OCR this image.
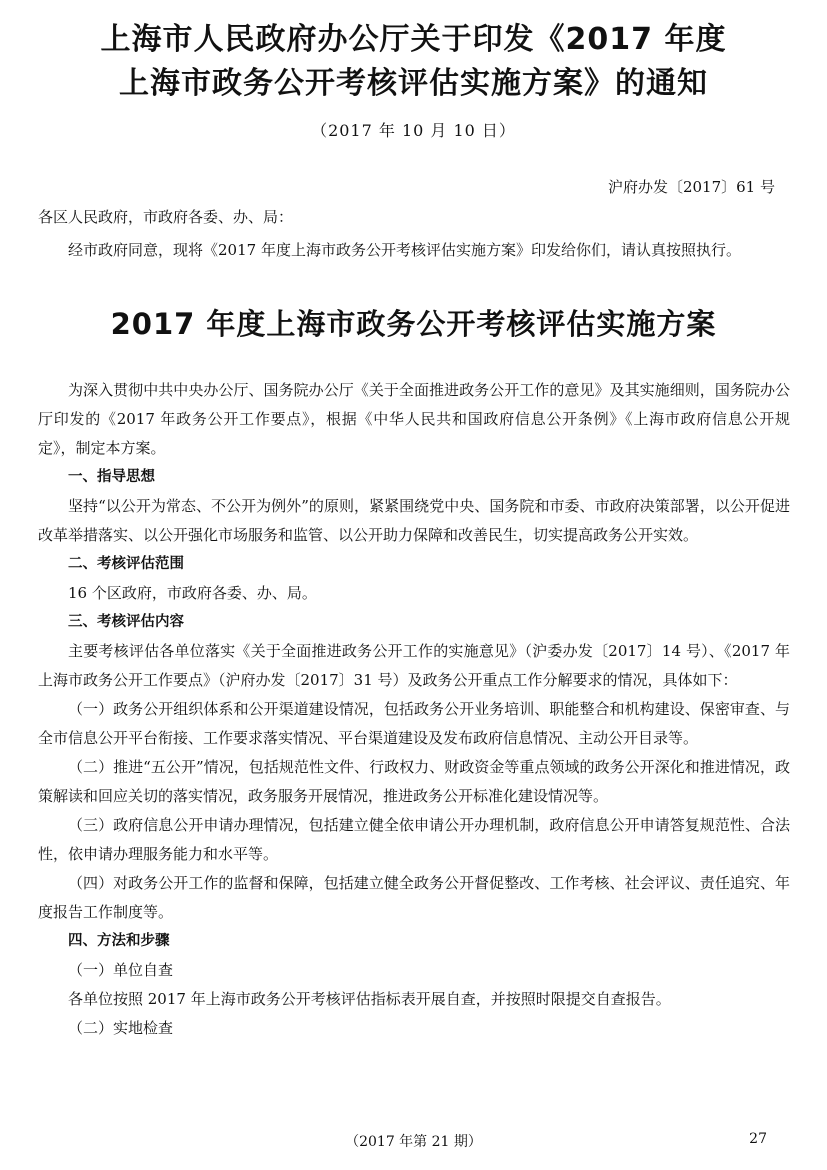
上海市人民政府办公厅关于印发《2017 年度
上海市政务公开考核评估实施方案》的通知
（2017 年 10 月 10 日）
沪府办发〔2017〕61 号
各区人民政府，市政府各委、办、局：
经市政府同意，现将《2017 年度上海市政务公开考核评估实施方案》印发给你们，请认真按照执行。
2017 年度上海市政务公开考核评估实施方案

为深入贯彻中共中央办公厅、国务院办公厅《关于全面推进政务公开工作的意见》及其实施细则，国务院办公厅印发的《2017 年政务公开工作要点》，根据《中华人民共和国政府信息公开条例》《上海市政府信息公开规定》，制定本方案。

一、指导思想

坚持“以公开为常态、不公开为例外”的原则，紧紧围绕党中央、国务院和市委、市政府决策部署，以公开促进改革举措落实、以公开强化市场服务和监管、以公开助力保障和改善民生，切实提高政务公开实效。

二、考核评估范围

16 个区政府，市政府各委、办、局。

三、考核评估内容

主要考核评估各单位落实《关于全面推进政务公开工作的实施意见》（沪委办发〔2017〕14 号）、《2017 年上海市政务公开工作要点》（沪府办发〔2017〕31 号）及政务公开重点工作分解要求的情况，具体如下：

（一）政务公开组织体系和公开渠道建设情况，包括政务公开业务培训、职能整合和机构建设、保密审查、与全市信息公开平台衔接、工作要求落实情况、平台渠道建设及发布政府信息情况、主动公开目录等。

（二）推进“五公开”情况，包括规范性文件、行政权力、财政资金等重点领域的政务公开深化和推进情况，政策解读和回应关切的落实情况，政务服务开展情况，推进政务公开标准化建设情况等。

（三）政府信息公开申请办理情况，包括建立健全依申请公开办理机制，政府信息公开申请答复规范性、合法性，依申请办理服务能力和水平等。

（四）对政务公开工作的监督和保障，包括建立健全政务公开督促整改、工作考核、社会评议、责任追究、年度报告工作制度等。

四、方法和步骤

（一）单位自查

各单位按照 2017 年上海市政务公开考核评估指标表开展自查，并按照时限提交自查报告。

（二）实地检查

（2017 年第 21 期）	27
